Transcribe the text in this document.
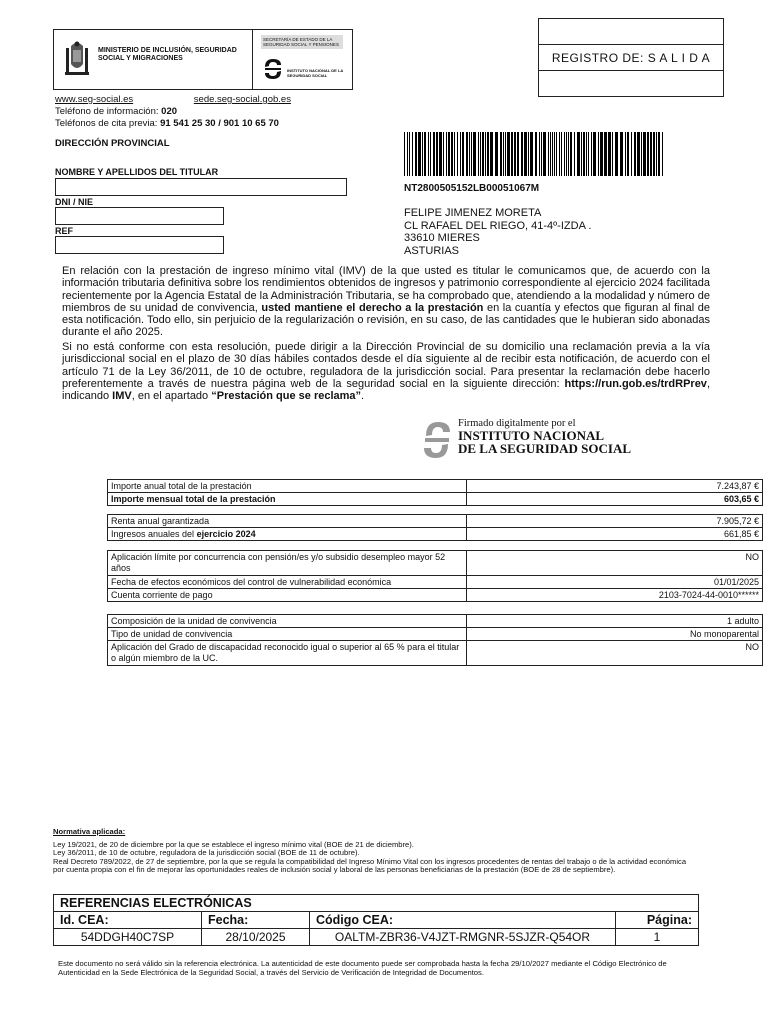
MINISTERIO DE INCLUSIÓN, SEGURIDAD SOCIAL Y MIGRACIONES
SECRETARÍA DE ESTADO DE LA SEGURIDAD SOCIAL Y PENSIONES
INSTITUTO NACIONAL DE LA SEGURIDAD SOCIAL
REGISTRO DE: S A L I D A
www.seg-social.es	sede.seg-social.gob.es
Teléfono de información: 020
Teléfonos de cita previa: 91 541 25 30 / 901 10 65 70
DIRECCIÓN PROVINCIAL
NOMBRE Y APELLIDOS DEL TITULAR
DNI / NIE
REF
NT2800505152LB00051067M
FELIPE JIMENEZ MORETA
CL RAFAEL DEL RIEGO, 41-4º-IZDA .
33610 MIERES
ASTURIAS
En relación con la prestación de ingreso mínimo vital (IMV) de la que usted es titular le comunicamos que, de acuerdo con la información tributaria definitiva sobre los rendimientos obtenidos de ingresos y patrimonio correspondiente al ejercicio 2024 facilitada recientemente por la Agencia Estatal de la Administración Tributaria, se ha comprobado que, atendiendo a la modalidad y número de miembros de su unidad de convivencia, usted mantiene el derecho a la prestación en la cuantía y efectos que figuran al final de esta notificación. Todo ello, sin perjuicio de la regularización o revisión, en su caso, de las cantidades que le hubieran sido abonadas durante el año 2025.
Si no está conforme con esta resolución, puede dirigir a la Dirección Provincial de su domicilio una reclamación previa a la vía jurisdiccional social en el plazo de 30 días hábiles contados desde el día siguiente al de recibir esta notificación, de acuerdo con el artículo 71 de la Ley 36/2011, de 10 de octubre, reguladora de la jurisdicción social. Para presentar la reclamación debe hacerlo preferentemente a través de nuestra página web de la seguridad social en la siguiente dirección: https://run.gob.es/trdRPrev, indicando IMV, en el apartado “Prestación que se reclama”.
Firmado digitalmente por el
INSTITUTO NACIONAL
DE LA SEGURIDAD SOCIAL
Importe anual total de la prestación	7.243,87 €
Importe mensual total de la prestación	603,65 €
Renta anual garantizada	7.905,72 €
Ingresos anuales del ejercicio 2024	661,85 €
Aplicación límite por concurrencia con pensión/es y/o subsidio desempleo mayor 52 años	NO
Fecha de efectos económicos del control de vulnerabilidad económica	01/01/2025
Cuenta corriente de pago	2103-7024-44-0010******
Composición de la unidad de convivencia	1 adulto
Tipo de unidad de convivencia	No monoparental
Aplicación del Grado de discapacidad reconocido igual o superior al 65 % para el titular o algún miembro de la UC.	NO
Normativa aplicada:
Ley 19/2021, de 20 de diciembre por la que se establece el ingreso mínimo vital (BOE de 21 de diciembre).
Ley 36/2011, de 10 de octubre, reguladora de la jurisdicción social (BOE de 11 de octubre).
Real Decreto 789/2022, de 27 de septiembre, por la que se regula la compatibilidad del Ingreso Mínimo Vital con los ingresos procedentes de rentas del trabajo o de la actividad económica por cuenta propia con el fin de mejorar las oportunidades reales de inclusión social y laboral de las personas beneficiarias de la prestación (BOE de 28 de septiembre).
REFERENCIAS ELECTRÓNICAS			
Id. CEA:	Fecha:	Código CEA:	Página:
54DDGH40C7SP	28/10/2025	OALTM-ZBR36-V4JZT-RMGNR-5SJZR-Q54OR	1
Este documento no será válido sin la referencia electrónica. La autenticidad de este documento puede ser comprobada hasta la fecha 29/10/2027 mediante el Código Electrónico de Autenticidad en la Sede Electrónica de la Seguridad Social, a través del Servicio de Verificación de Integridad de Documentos.
